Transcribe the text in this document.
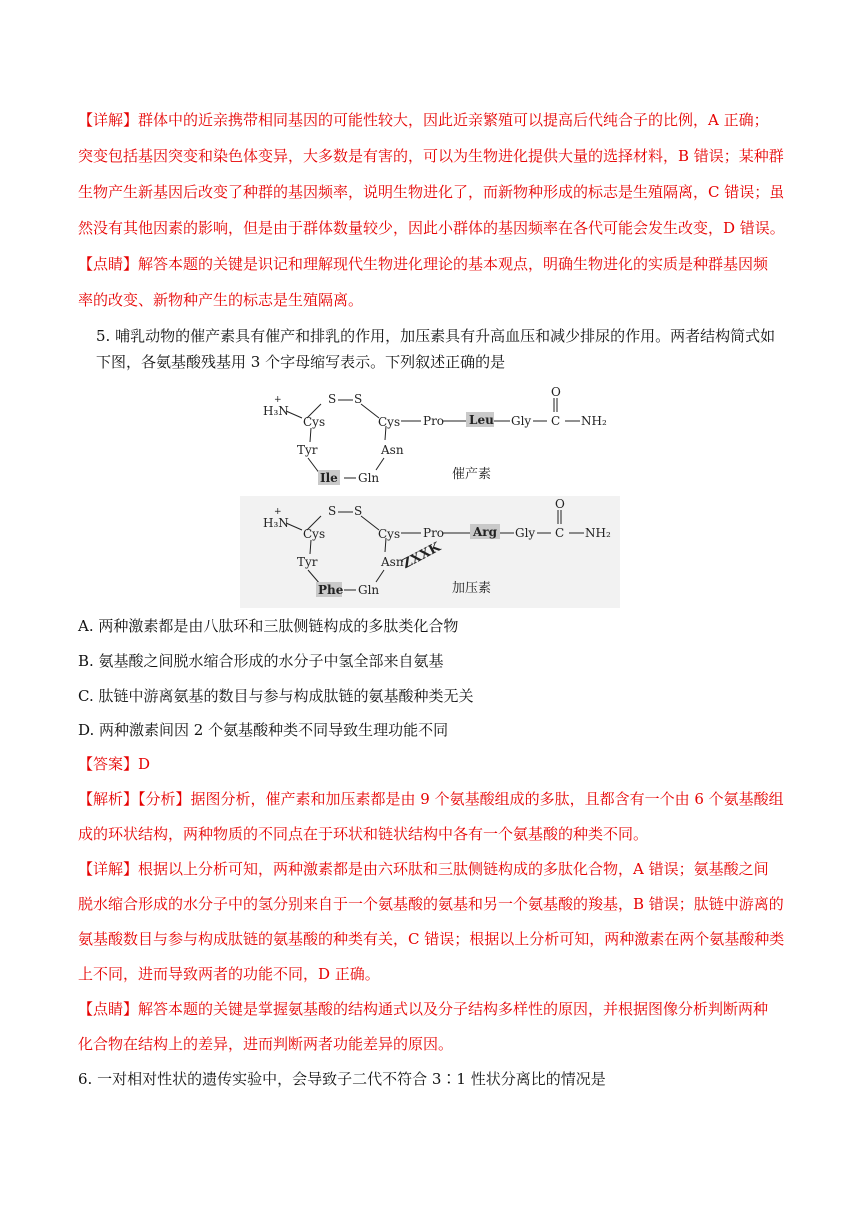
【详解】群体中的近亲携带相同基因的可能性较大，因此近亲繁殖可以提高后代纯合子的比例，A 正确；
突变包括基因突变和染色体变异，大多数是有害的，可以为生物进化提供大量的选择材料，B 错误；某种群
生物产生新基因后改变了种群的基因频率，说明生物进化了，而新物种形成的标志是生殖隔离，C 错误；虽
然没有其他因素的影响，但是由于群体数量较少，因此小群体的基因频率在各代可能会发生改变，D 错误。
【点睛】解答本题的关键是识记和理解现代生物进化理论的基本观点，明确生物进化的实质是种群基因频
率的改变、新物种产生的标志是生殖隔离。
5. 哺乳动物的催产素具有催产和排乳的作用，加压素具有升高血压和减少排尿的作用。两者结构简式如
下图，各氨基酸残基用 3 个字母缩写表示。下列叙述正确的是
H₃N
+	S S
Cys	Cys
Tyr	Asn
Ile Gln
Pro Leu Gly
O
C NH₂
催产素
H₃N
+	S S
Cys	Cys
Tyr	Asn
Phe Gln
Pro Arg Gly
O
C NH₂
加压素
ZXXK
A. 两种激素都是由八肽环和三肽侧链构成的多肽类化合物
B. 氨基酸之间脱水缩合形成的水分子中氢全部来自氨基
C. 肽链中游离氨基的数目与参与构成肽链的氨基酸种类无关
D. 两种激素间因 2 个氨基酸种类不同导致生理功能不同
【答案】D
【解析】【分析】据图分析，催产素和加压素都是由 9 个氨基酸组成的多肽，且都含有一个由 6 个氨基酸组
成的环状结构，两种物质的不同点在于环状和链状结构中各有一个氨基酸的种类不同。
【详解】根据以上分析可知，两种激素都是由六环肽和三肽侧链构成的多肽化合物，A 错误；氨基酸之间
脱水缩合形成的水分子中的氢分别来自于一个氨基酸的氨基和另一个氨基酸的羧基，B 错误；肽链中游离的
氨基酸数目与参与构成肽链的氨基酸的种类有关，C 错误；根据以上分析可知，两种激素在两个氨基酸种类
上不同，进而导致两者的功能不同，D 正确。
【点睛】解答本题的关键是掌握氨基酸的结构通式以及分子结构多样性的原因，并根据图像分析判断两种
化合物在结构上的差异，进而判断两者功能差异的原因。
6. 一对相对性状的遗传实验中，会导致子二代不符合 3∶1 性状分离比的情况是
